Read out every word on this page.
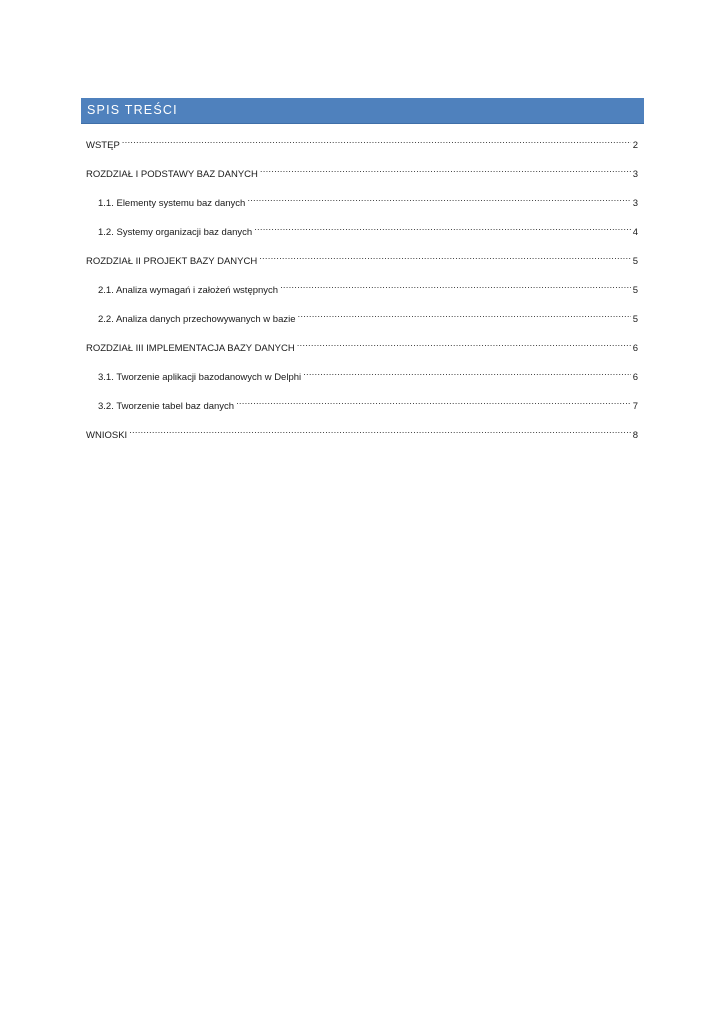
SPIS TREŚCI
WSTĘP .....	2
ROZDZIAŁ I PODSTAWY BAZ DANYCH .....	3
1.1. Elementy systemu baz danych .....	3
1.2. Systemy organizacji baz danych .....	4
ROZDZIAŁ II PROJEKT BAZY DANYCH .....	5
2.1. Analiza wymagań i założeń wstępnych .....	5
2.2. Analiza danych przechowywanych w bazie .....	5
ROZDZIAŁ III IMPLEMENTACJA BAZY DANYCH .....	6
3.1. Tworzenie aplikacji bazodanowych w Delphi .....	6
3.2. Tworzenie tabel baz danych .....	7
WNIOSKI .....	8
